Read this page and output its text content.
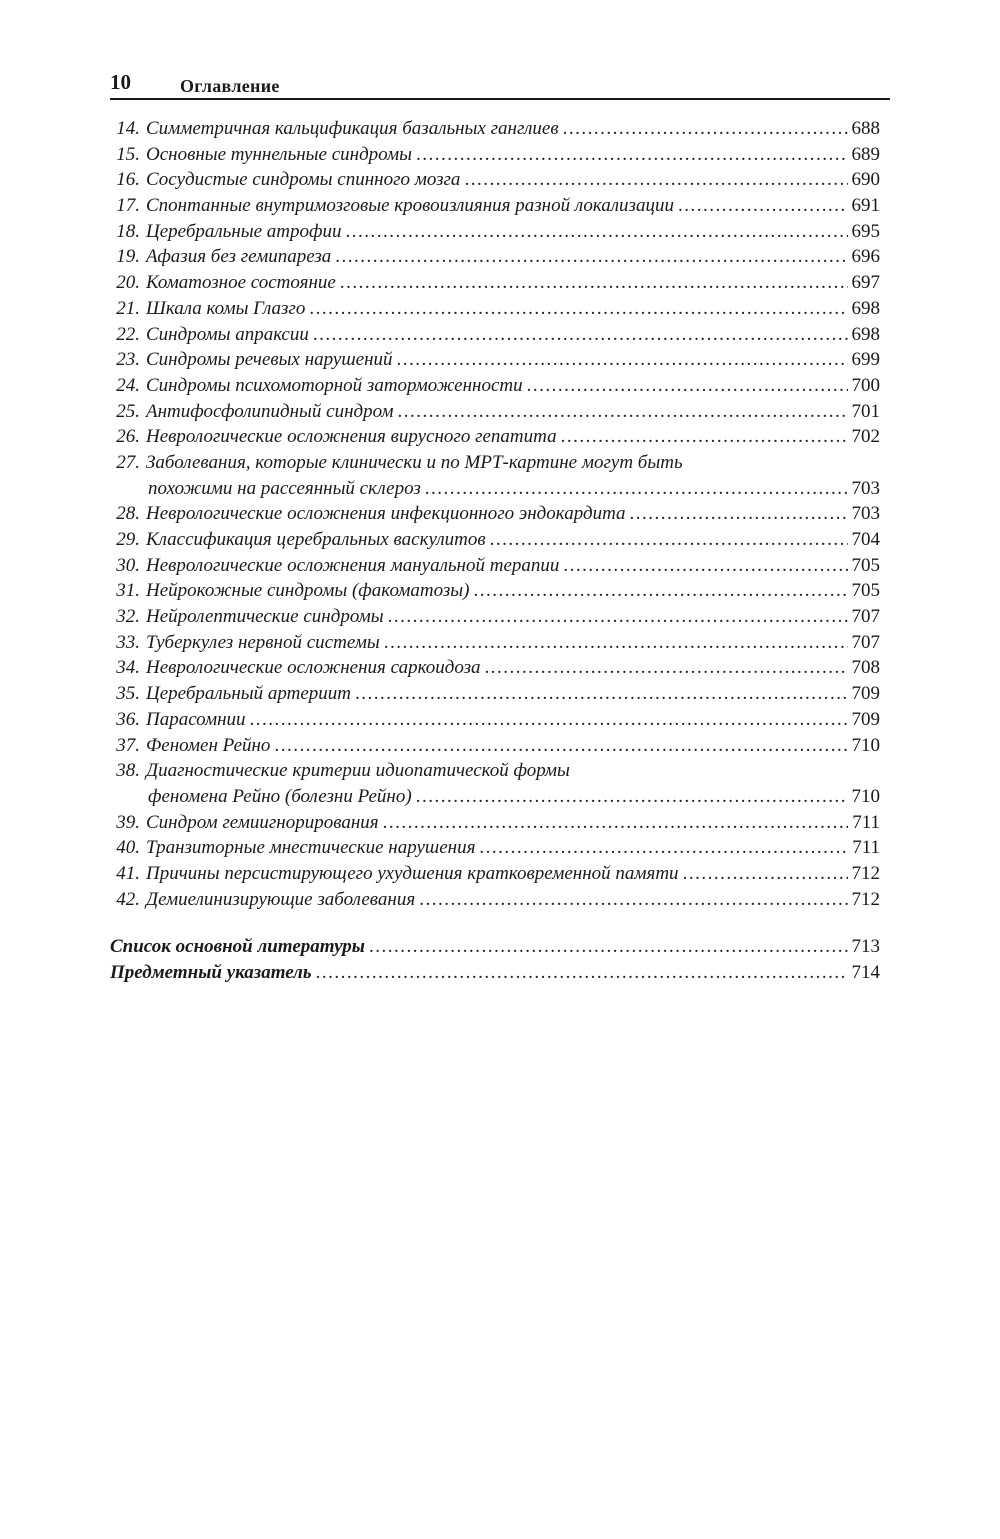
10	Оглавление
14. Симметричная кальцификация базальных ганглиев .....	688
15. Основные туннельные синдромы .....	689
16. Сосудистые синдромы спинного мозга .....	690
17. Спонтанные внутримозговые кровоизлияния разной локализации .....	691
18. Церебральные атрофии .....	695
19. Афазия без гемипареза .....	696
20. Коматозное состояние .....	697
21. Шкала комы Глазго .....	698
22. Синдромы апраксии .....	698
23. Синдромы речевых нарушений .....	699
24. Синдромы психомоторной заторможенности .....	700
25. Антифосфолипидный синдром .....	701
26. Неврологические осложнения вирусного гепатита .....	702
27. Заболевания, которые клинически и по МРТ-картине могут быть
похожими на рассеянный склероз .....	703
28. Неврологические осложнения инфекционного эндокардита .....	703
29. Классификация церебральных васкулитов .....	704
30. Неврологические осложнения мануальной терапии .....	705
31. Нейрокожные синдромы (факоматозы) .....	705
32. Нейролептические синдромы .....	707
33. Туберкулез нервной системы .....	707
34. Неврологические осложнения саркоидоза .....	708
35. Церебральный артериит .....	709
36. Парасомнии .....	709
37. Феномен Рейно .....	710
38. Диагностические критерии идиопатической формы
феномена Рейно (болезни Рейно) .....	710
39. Синдром гемиигнорирования .....	711
40. Транзиторные мнестические нарушения .....	711
41. Причины персистирующего ухудшения кратковременной памяти .....	712
42. Демиелинизирующие заболевания .....	712
Список основной литературы .....	713
Предметный указатель .....	714
